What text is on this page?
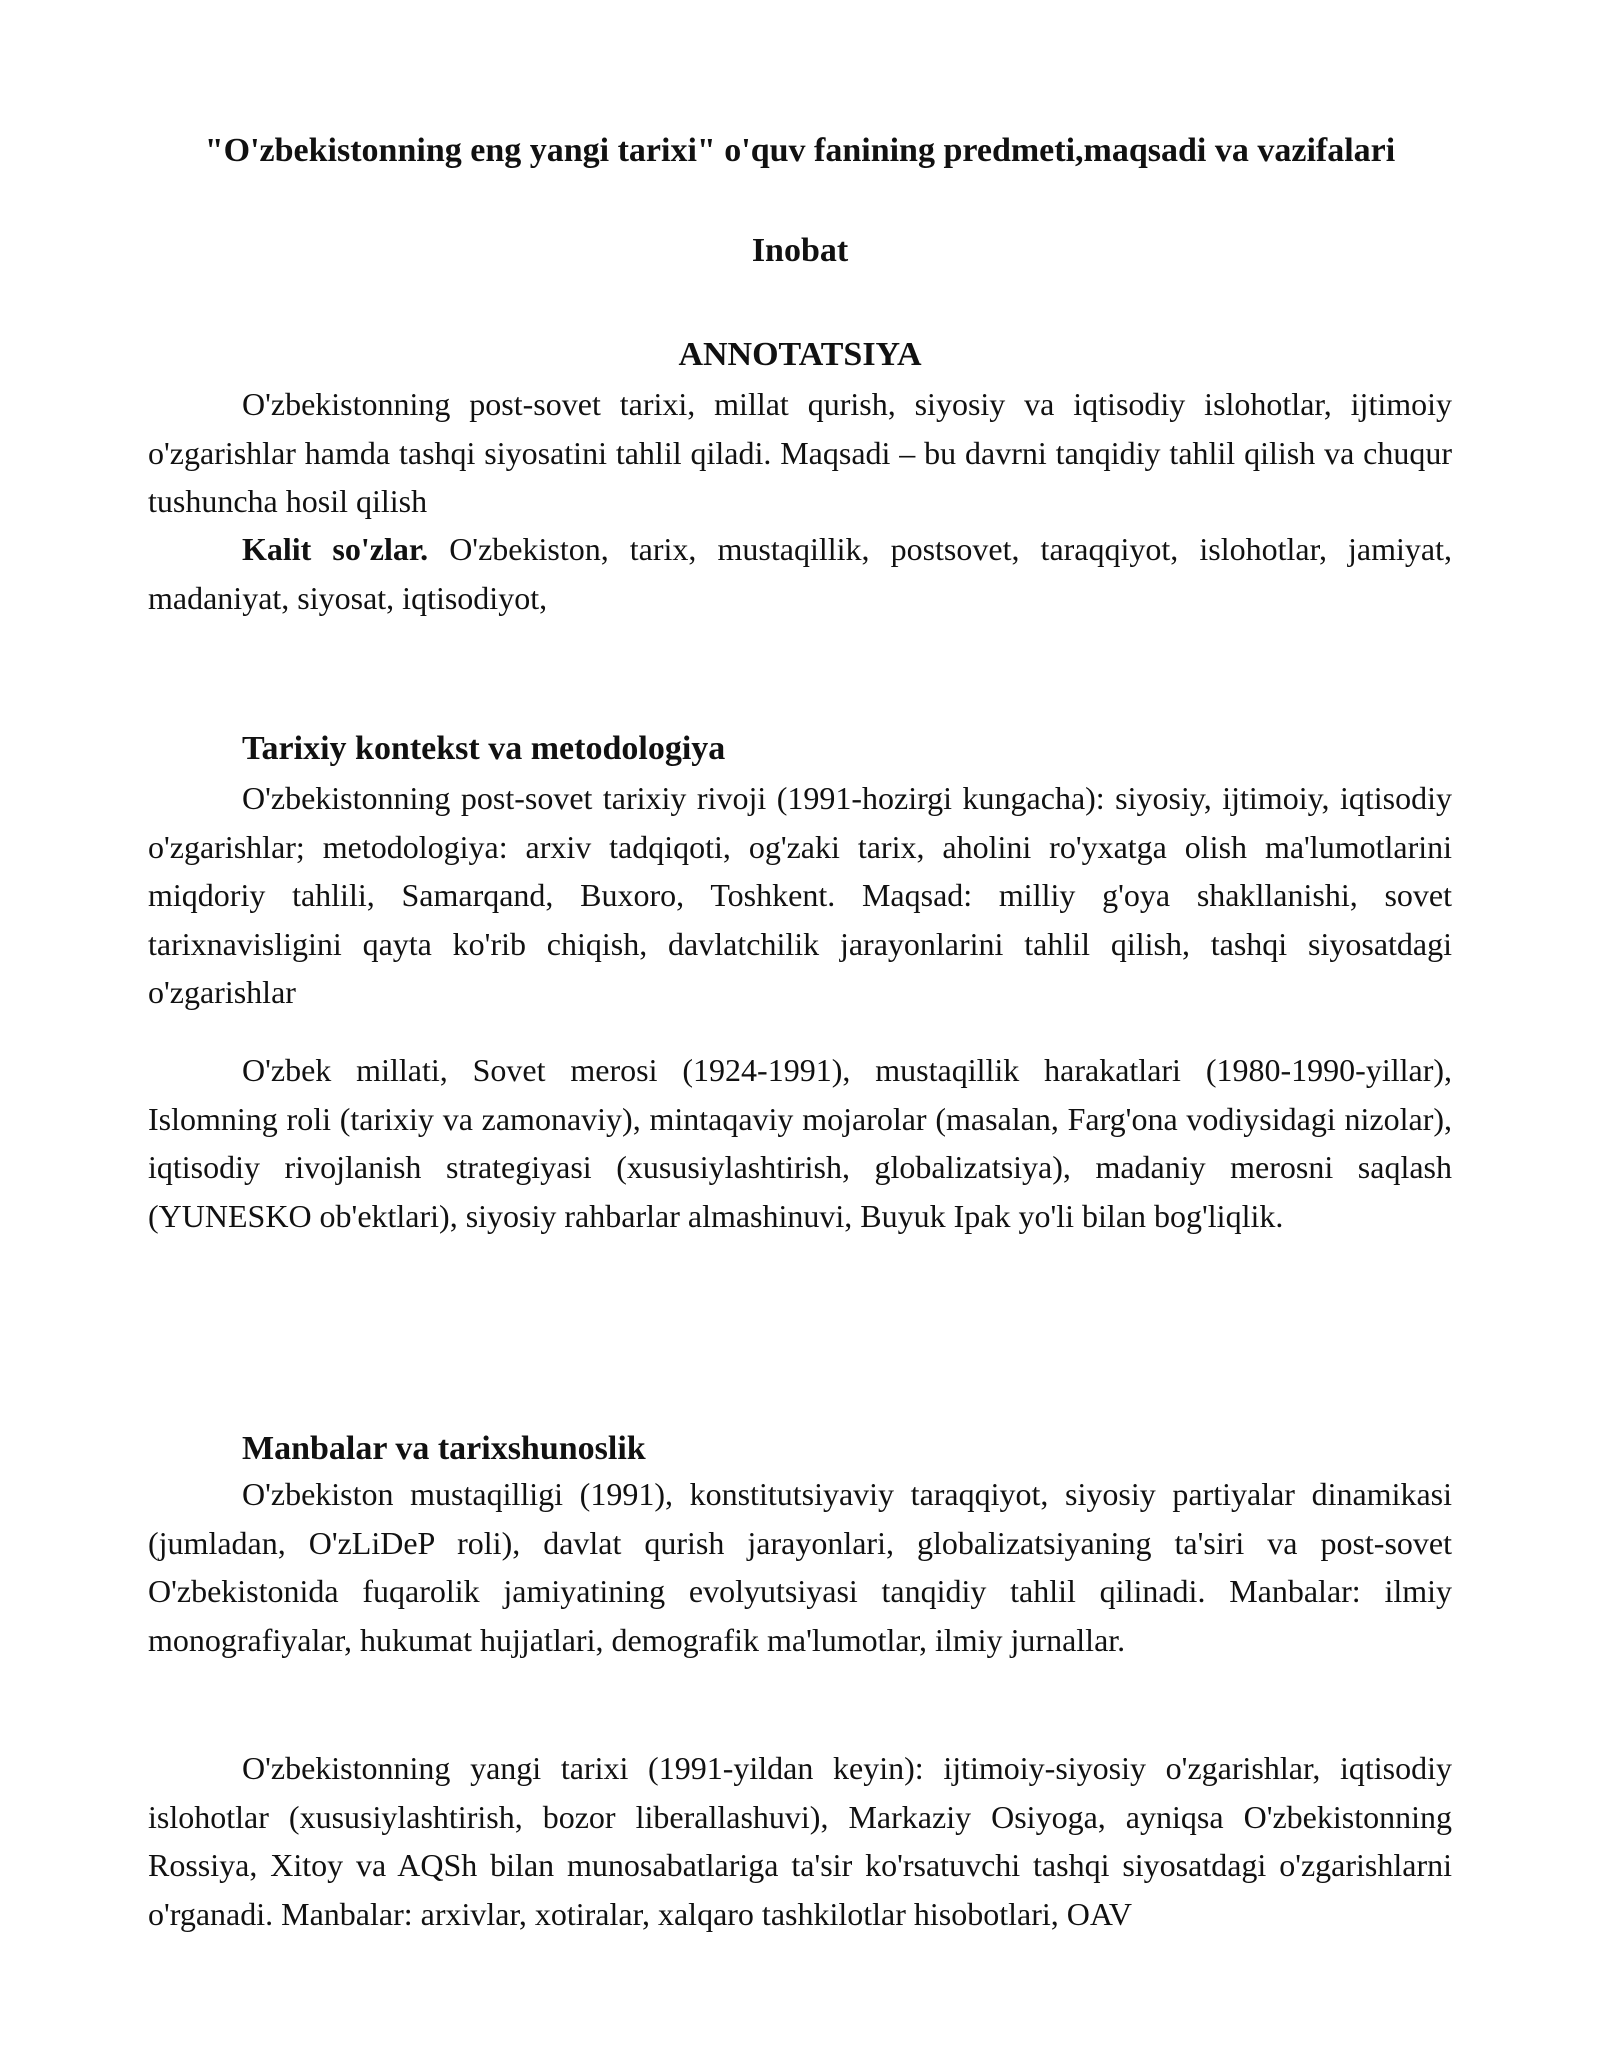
"O'zbekistonning eng yangi tarixi" o'quv fanining predmeti,maqsadi va vazifalari
Inobat
ANNOTATSIYA

O'zbekistonning post-sovet tarixi, millat qurish, siyosiy va iqtisodiy islohotlar, ijtimoiy o'zgarishlar hamda tashqi siyosatini tahlil qiladi. Maqsadi – bu davrni tanqidiy tahlil qilish va chuqur tushuncha hosil qilish

Kalit so'zlar. O'zbekiston, tarix, mustaqillik, postsovet, taraqqiyot, islohotlar, jamiyat, madaniyat, siyosat, iqtisodiyot,

Tarixiy kontekst va metodologiya

O'zbekistonning post-sovet tarixiy rivoji (1991-hozirgi kungacha): siyosiy, ijtimoiy, iqtisodiy o'zgarishlar; metodologiya: arxiv tadqiqoti, og'zaki tarix, aholini ro'yxatga olish ma'lumotlarini miqdoriy tahlili, Samarqand, Buxoro, Toshkent. Maqsad: milliy g'oya shakllanishi, sovet tarixnavisligini qayta ko'rib chiqish, davlatchilik jarayonlarini tahlil qilish, tashqi siyosatdagi o'zgarishlar

O'zbek millati, Sovet merosi (1924-1991), mustaqillik harakatlari (1980-1990-yillar), Islomning roli (tarixiy va zamonaviy), mintaqaviy mojarolar (masalan, Farg'ona vodiysidagi nizolar), iqtisodiy rivojlanish strategiyasi (xususiylashtirish, globalizatsiya), madaniy merosni saqlash (YUNESKO ob'ektlari), siyosiy rahbarlar almashinuvi, Buyuk Ipak yo'li bilan bog'liqlik.

Manbalar va tarixshunoslik

O'zbekiston mustaqilligi (1991), konstitutsiyaviy taraqqiyot, siyosiy partiyalar dinamikasi (jumladan, O'zLiDeP roli), davlat qurish jarayonlari, globalizatsiyaning ta'siri va post-sovet O'zbekistonida fuqarolik jamiyatining evolyutsiyasi tanqidiy tahlil qilinadi. Manbalar: ilmiy monografiyalar, hukumat hujjatlari, demografik ma'lumotlar, ilmiy jurnallar.

O'zbekistonning yangi tarixi (1991-yildan keyin): ijtimoiy-siyosiy o'zgarishlar, iqtisodiy islohotlar (xususiylashtirish, bozor liberallashuvi), Markaziy Osiyoga, ayniqsa O'zbekistonning Rossiya, Xitoy va AQSh bilan munosabatlariga ta'sir ko'rsatuvchi tashqi siyosatdagi o'zgarishlarni o'rganadi. Manbalar: arxivlar, xotiralar, xalqaro tashkilotlar hisobotlari, OAV
